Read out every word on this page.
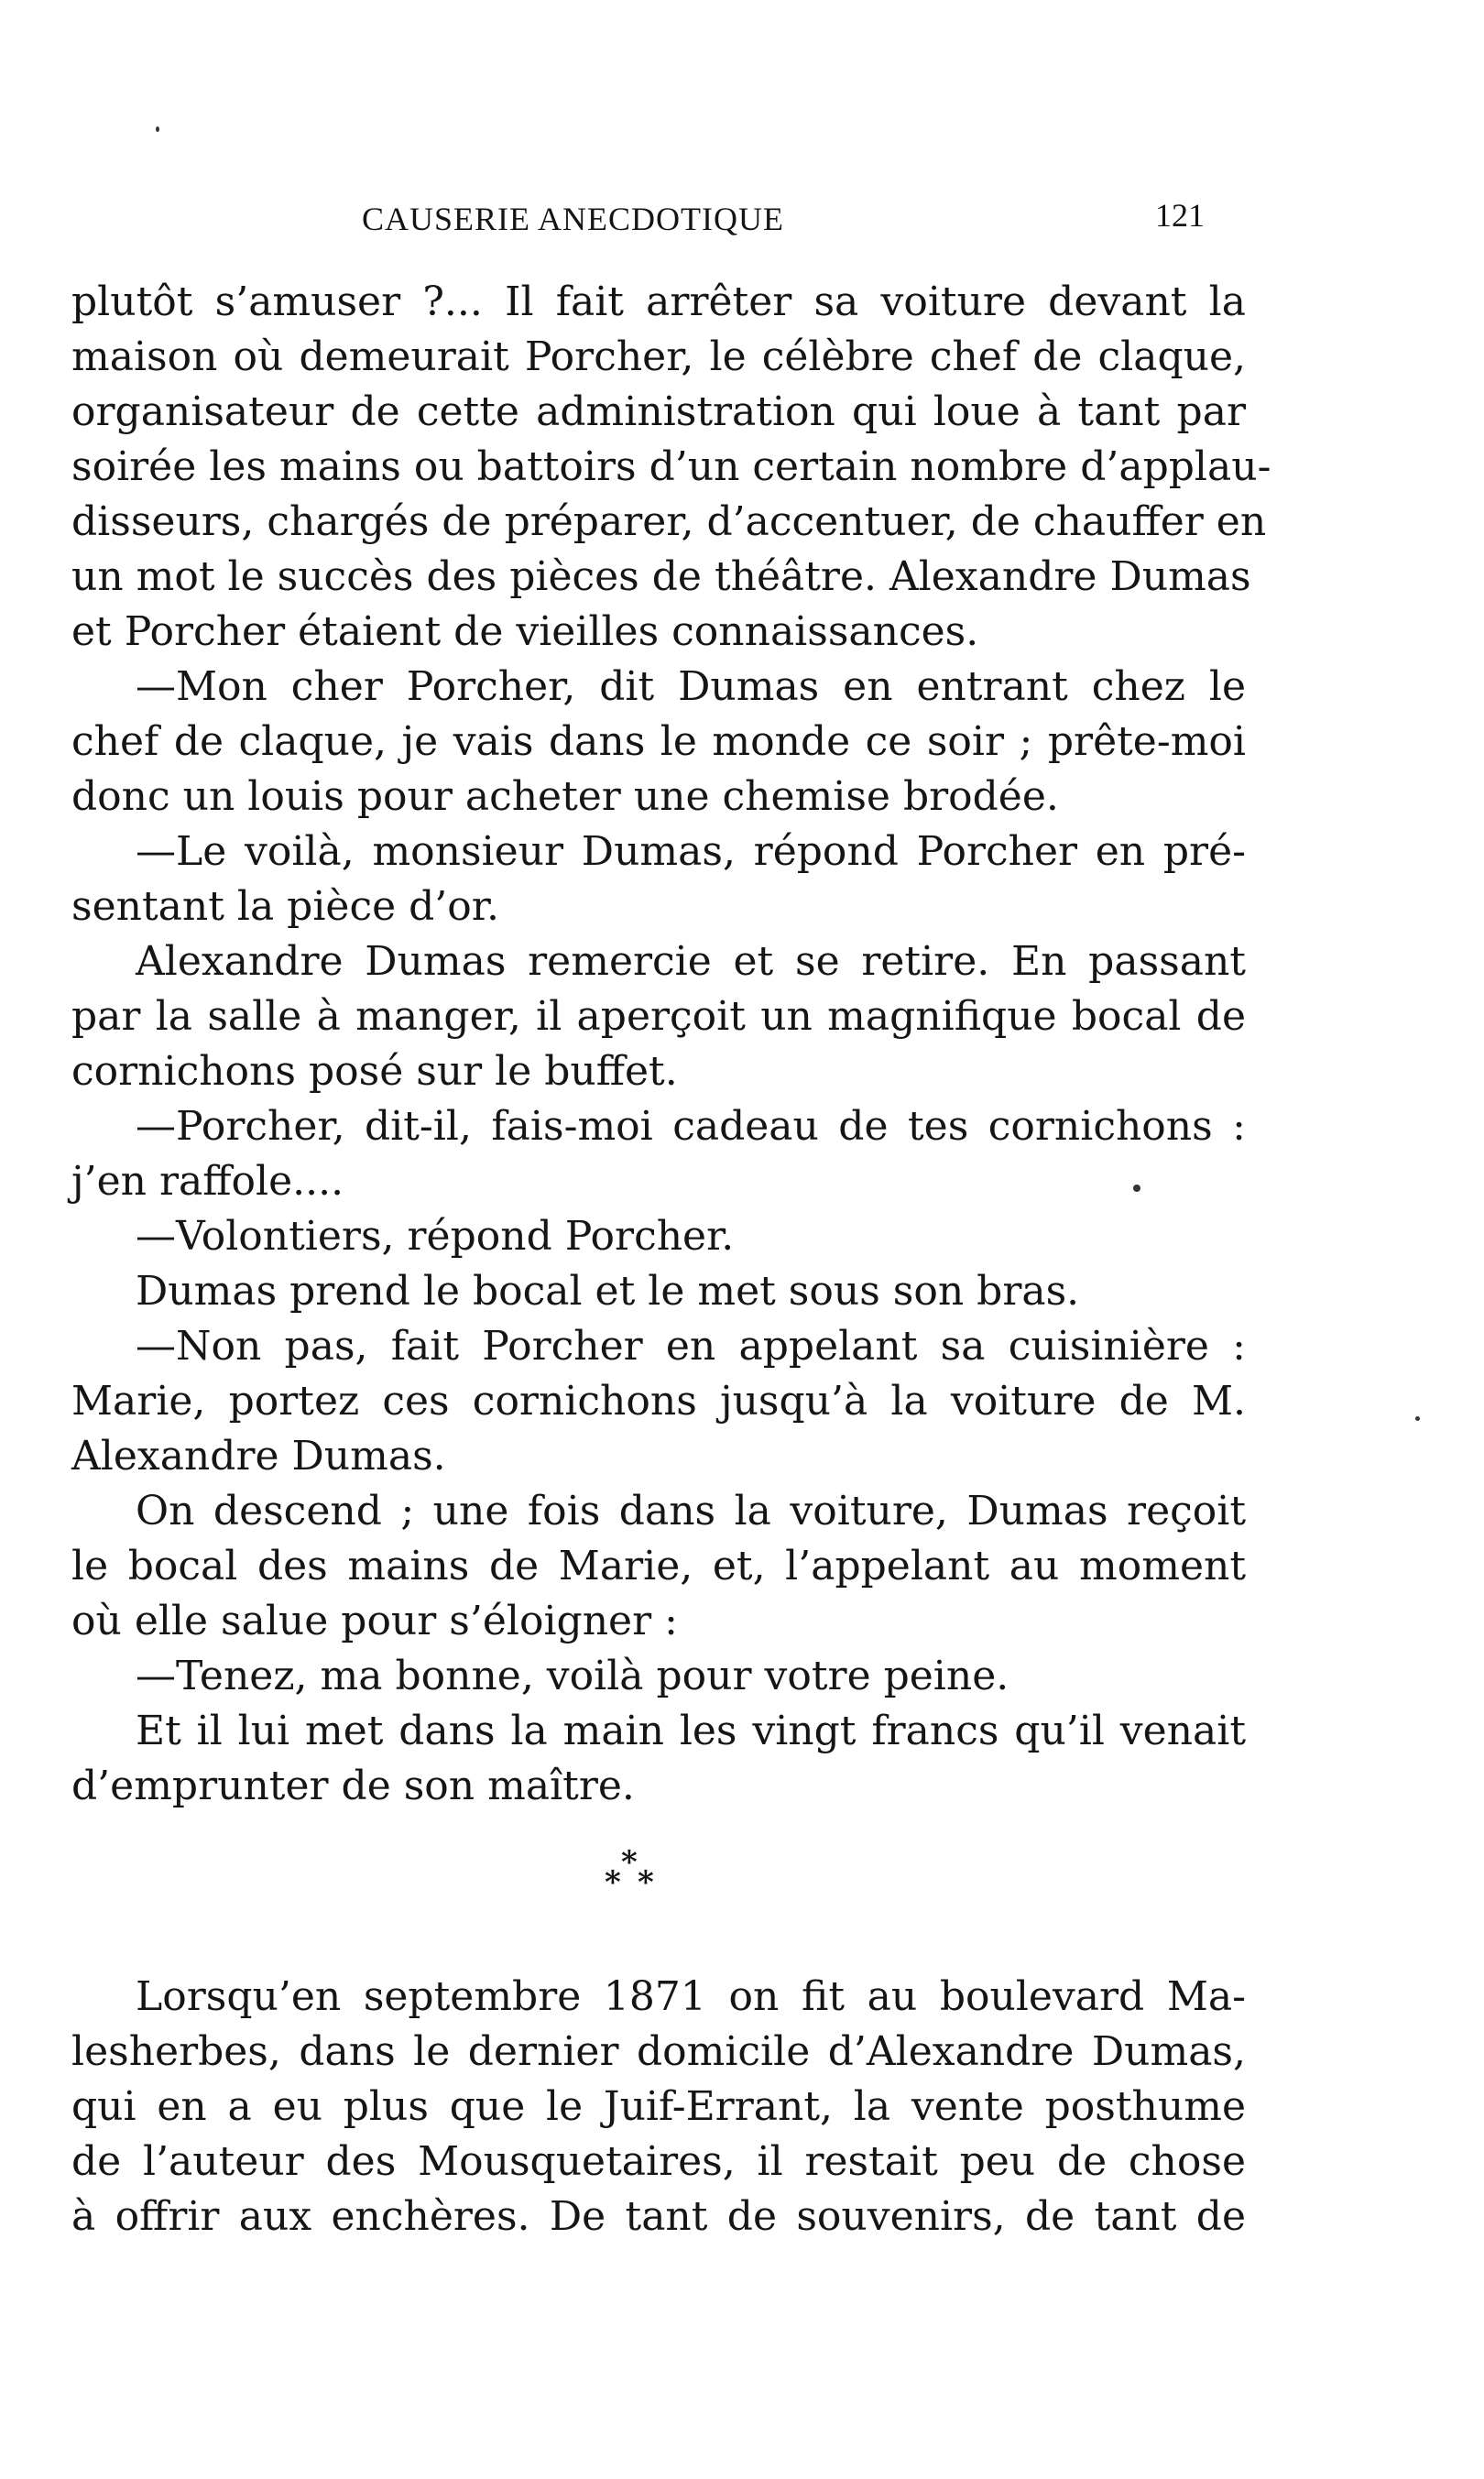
CAUSERIE ANECDOTIQUE	121
plutôt s’amuser ?... Il fait arrêter sa voiture devant la
maison où demeurait Porcher, le célèbre chef de claque,
organisateur de cette administration qui loue à tant par
soirée les mains ou battoirs d’un certain nombre d’applau-
disseurs, chargés de préparer, d’accentuer, de chauffer en
un mot le succès des pièces de théâtre. Alexandre Dumas
et Porcher étaient de vieilles connaissances.
—Mon cher Porcher, dit Dumas en entrant chez le
chef de claque, je vais dans le monde ce soir ; prête-moi
donc un louis pour acheter une chemise brodée.
—Le voilà, monsieur Dumas, répond Porcher en pré-
sentant la pièce d’or.
Alexandre Dumas remercie et se retire. En passant
par la salle à manger, il aperçoit un magnifique bocal de
cornichons posé sur le buffet.
—Porcher, dit-il, fais-moi cadeau de tes cornichons :
j’en raffole....
—Volontiers, répond Porcher.
Dumas prend le bocal et le met sous son bras.
—Non pas, fait Porcher en appelant sa cuisinière :
Marie, portez ces cornichons jusqu’à la voiture de M.
Alexandre Dumas.
On descend ; une fois dans la voiture, Dumas reçoit
le bocal des mains de Marie, et, l’appelant au moment
où elle salue pour s’éloigner :
—Tenez, ma bonne, voilà pour votre peine.
Et il lui met dans la main les vingt francs qu’il venait
d’emprunter de son maître.
*
* *
Lorsqu’en septembre 1871 on fit au boulevard Ma-
lesherbes, dans le dernier domicile d’Alexandre Dumas,
qui en a eu plus que le Juif-Errant, la vente posthume
de l’auteur des Mousquetaires, il restait peu de chose
à offrir aux enchères. De tant de souvenirs, de tant de
